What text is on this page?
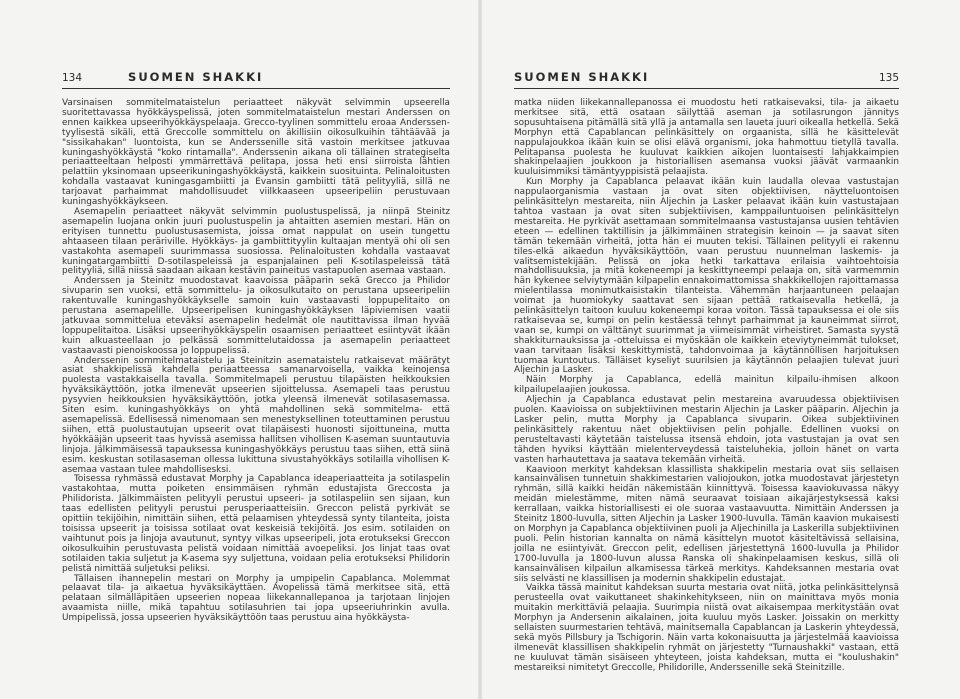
134	SUOMEN SHAKKI

Varsinaisen sommitelmataistelun periaatteet näkyvät selvimmin upseerella suoritettavassa hyökkäyspelissä, joten sommitelmataistelun mestari Anderssen on ennen kaikkea upseerihyökkäyspelaaja. Grecco-tyylinen sommittelu eroaa Anderssen-tyylisestä sikäli, että Greccolle sommittelu on äkillisiin oikosulkuihin tähtäävää ja "sissikahakan" luontoista, kun se Anderssenille sitä vastoin merkitsee jatkuvaa kuningashyökkäystä "koko rintamalla". Anderssenin aikana oli tällainen strategiselta periaatteeltaan helposti ymmärrettävä pelitapa, jossa heti ensi siirroista lähtien pelattiin yksinomaan upseerikuningashyökkäystä, kaikkein suosituinta. Pelinaloitusten kohdalla vastaavat kuningasgambiitti ja Evansin gambiitti tätä pelityyliä, sillä ne tarjoavat parhaimmat mahdollisuudet viilkkaaseen upseeripeliin perustuvaan kuningashyökkäykseen.

Asemapelin periaatteet näkyvät selvimmin puolustuspelissä, ja niinpä Steinitz asemapelin luojana onkin juuri puolustuspelin ja ahtaitten asemien mestari. Hän on erityisen tunnettu puolustusasemista, joissa omat nappulat on usein tungettu ahtaaseen tilaan peräriville. Hyökkäys- ja gambiittityylin kultaajan mentyä ohi oli sen vastakohta asemapeli suurimmassa suosiossa. Pelinaloitusten kohdalla vastaavat kuningatargambiitti D-sotilaspeleissä ja espanjalainen peli K-sotilaspeleissä tätä pelityyliä, sillä niissä saadaan aikaan kestävin paineitus vastapuolen asemaa vastaan.

Anderssen ja Steinitz muodostavat kaavoissa pääparin sekä Grecco ja Philidor sivuparin sen vuoksi, että sommittelu- ja oikosulkutaito on perustana upseeripeliin rakentuvalle kuningashyökkäykselle samoin kuin vastaavasti loppupelitaito on perustana asemapelille. Upseeripelisen kuningashyökkäyksen läpiviemisen vaatii jatkuvaa sommittelua eteväksi asemapelin hedelmät ole nautittavissa ilman hyvää loppupelitaitoa. Lisäksi upseerihyökkäyspelin osaamisen periaatteet esiintyvät ikään kuin alkuasteellaan jo pelkässä sommittelutaidossa ja asemapelin periaatteet vastaavasti pienoiskoossa jo loppupelissä.

Anderssenin sommitelmataistelu ja Steinitzin asemataistelu ratkaisevat määrätyt asiat shakkipelissä kahdella periaatteessa samanarvoisella, vaikka keinojensa puolesta vastakkaisella tavalla. Sommitelmapeli perustuu tilapäisten heikkouksien hyväksikäyttöön, jotka ilmenevät upseerien sijoittelussa. Asemapeli taas perustuu pysyvien heikkouksien hyväksikäyttöön, jotka yleensä ilmenevät sotilasasemassa. Siten esim. kuningashyökkäys on yhtä mahdollinen sekä sommitelma- että asemapelissä. Edellisessä nimenomaan sen menestyksellinen toteuttaminen perustuu siihen, että puolustautujan upseerit ovat tilapäisesti huonosti sijoittuneina, mutta hyökkääjän upseerit taas hyvissä asemissa hallitsen vihollisen K-aseman suuntautuvia linjoja. Jälkimmäisessä tapauksessa kuningashyökkäys perustuu taas siihen, että siinä esim. keskustan sotilasaseman ollessa lukittuna sivustahyökkäys sotilailla vihollisen K-asemaa vastaan tulee mahdollisesksi.

Toisessa ryhmässä edustavat Morphy ja Capablanca ideaperiaatteita ja sotilaspelin vastakohtaa, mutta poiketen ensimmäisen ryhmän edustajista Greccosta ja Philidorista. Jälkimmäisten pelityyli perustui upseeri- ja sotilaspeliin sen sijaan, kun taas edellisten pelityyli perustui perusperiaatteisiin. Greccon pelistä pyrkivät se opittiin tekijöihin, nimittäin siihen, että pelaamisen yhteydessä synty tilanteita, joista toisissa upseerit ja toisissa sotilaat ovat keskeisiä tekijöitä. Jos esim. sotilaiden on vaihtunut pois ja linjoja avautunut, syntyy vilkas upseeripeli, jota erotukseksi Greccon oikosulkuihin perustuvasta pelistä voidaan nimittää avoepeliksi. Jos linjat taas ovat sotilaiden takia suljetut ja K-asema syy suljettuna, voidaan pelia erotukseksi Philidorin pelistä nimittää suljetuksi peliksi.

Tällaisen ihannepelin mestari on Morphy ja umpipelin Capablanca. Molemmat pelaavat tila- ja aikaetua hyväksikäyttäen. Avopelissä tämä merkitsee sitä, että pelataan silmälläpitäen upseerien nopeaa liikekannallepanoa ja tarjotaan linjojen avaamista niille, mikä tapahtuu sotilasuhrien tai jopa upseeriuhrinkin avulla. Umpipelissä, jossa upseerien hyväksikäyttöön taas perustuu aina hyökkäysta-

SUOMEN SHAKKI	135

matka niiden liikekannallepanossa ei muodostu heti ratkaisevaksi, tila- ja aikaetu merkitsee sitä, että osataan säilyttää aseman ja sotilasrungon jännitys sopusuhtaisena pitämällä sitä yllä ja antamalla sen laueta juuri oikealla hetkellä. Sekä Morphyn että Capablancan pelinkäsittely on orgaanista, sillä he käsittelevät nappulajoukkoa ikään kuin se olisi elävä organismi, joka hahmottuu tietyllä tavalla. Pelitapansa puolesta he kuuluvat kaikkien aikojen luontaisesti lahjakkaimpien shakinpelaajien joukkoon ja historiallisen asemansa vuoksi jäävät varmaankin kuuluisimmiksi tämäntyyppisistä pelaajista.

Kun Morphy ja Capablanca pelaavat ikään kuin laudalla olevaa vastustajan nappulaorganismia vastaan ja ovat siten objektiivisen, näytteluontoisen pelinkäsittelyn mestareita, niin Aljechin ja Lasker pelaavat ikään kuin vastustajaan tahtoa vastaan ja ovat siten subjektiivisen, kamppailuntuoisen pelinkäsittelyn mestareita. He pyrkivät asettamaan sommitelmaansa vastustajansa uusien tehtävien eteen — edellinen taktillisin ja jälkimmäinen strategisin keinoin — ja saavat siten tämän tekemään virheitä, jotta hän ei muuten tekisi. Tällainen pelityyli ei rakennu tiles-elkä aikaedun hyväksikäyttöön, vaan perustuu nuunnelman laskemis- ja valitsemistekijään. Pelissä on joka hetki tarkattava erilaisia vaihtoehtoisia mahdollisuuksia, ja mitä kokeneempi ja keskittyneempi pelaaja on, sitä varmemmin hän kykenee selviytymään kilpapelin ennakoimattomissa shakkikellojen rajoittamassa mielentilassa monimutkaisistakin tilanteista. Vähemmän harjaantuneen pelaajan voimat ja huomiokyky saattavat sen sijaan pettää ratkaisevalla hetkellä, ja pelinkäsittelyn taitoon kuuluu kokeneempi koraa voiton. Tässä tapauksessa ei ole siis ratkaisevaa se, kumpi on pelin kestäessä tehnyt parhaimmat ja kauneimmat siirrot, vaan se, kumpi on välttänyt suurimmat ja viimeisimmät virheistiret. Samasta syystä shakkiturnauksissa ja -otteluissa ei myöskään ole kaikkein eteviytyneimmät tulokset, vaan tarvitaan lisäksi keskittymistä, tahdonvoimaa ja käytännöllisen harjoituksen tuomaa kuntoutus. Tälläiset kyseliyt suurilsien ja käytännön pelaajien tulevat juuri Aljechin ja Lasker.

Näin Morphy ja Capablanca, edellä mainitun kilpailu-ihmisen alkoon kilpailupelaajien joukossa.

Aljechin ja Capablanca edustavat pelin mestareina avaruudessa objektiivisen puolen. Kaavioissa on subjektiivinen mestarin Aljechin ja Lasker pääparin. Aljechin ja Lasker pelin, mutta Morphy ja Capablanca sivuparin. Oikea subjektiivinen pelinkäsittely rakentuu näet objektiivisen pelin pohjalle. Edellinen vuoksi on perusteltavasti käytetään taistelussa itsensä ehdoin, jota vastustajan ja ovat sen tähden hyviksi käyttään mielenterveydessä taisteluhekia, jolloin hänet on varta vasten harhautettava ja saatava tekemään virheitä.

Kaavioon merkityt kahdeksan klassillista shakkipelin mestaria ovat siis sellaisen kansainvälisen tunnetuin shakkimestarien valiojoukon, jotka muodostavat järjestetyn ryhmän, sillä kaikki heidän näkemistään kiinnittyvä. Toisessa kaaviokuvassa näkyy meidän mielestämme, miten nämä seuraavat toisiaan aikajärjestyksessä kaksi kerrallaan, vaikka historiallisesti ei ole suoraa vastaavuutta. Nimittäin Anderssen ja Steinitz 1800-luvulla, sitten Aljechin ja Lasker 1900-luvulla. Tämän kaavion mukaisesti on Morphyn ja Capablanca objektiivinen puoli ja Aljechinilla ja Laskerilla subjektiivinen puoli. Pelin historian kannalta on nämä käsittelyn muotot käsiteltävissä sellaisina, joilla ne esiintyivät. Greccon pelit, edellisen järjestettynä 1600-luvulla ja Philidor 1700-luvulla ja 1800-luvun alussa Ranska oli shakinpelaamisen keskus, sillä oli kansainvälisen kilpailun alkamisessa tärkeä merkitys. Kahdeksannen mestaria ovat siis selvästi ne klassillisen ja modernin shakkipelin edustajat.

Vaikka tässä mainitut kahdeksan suurta mestaria ovat niitä, jotka pelinkäsittelynsä perusteella ovat vaikuttaneet shakinkehitykseen, niin on mainittava myös monia muitakin merkittäviä pelaajia. Suurimpia niistä ovat aikaisempaa merkitystään ovat Morphyn ja Andersenin aikalainen, joita kuuluu myös Lasker. Joissakin on merkitty sellaisten suurmestarien tehtävä, mainitsemalla Capablancan ja Laskerin yhteydessä, sekä myös Pillsbury ja Tschigorin. Näin varta kokonaisuutta ja järjestelmää kaavioissa ilmenevät klassillisen shakkipelin ryhmät on järjestetty "Turnaushakki" vastaan, että ne kuuluvat tämän sisäiseen yhteyteen, joista kahdeksan, mutta ei "koulushakin" mestareiksi nimitetyt Greccolle, Philidorille, Anderssenille sekä Steinitzille.
